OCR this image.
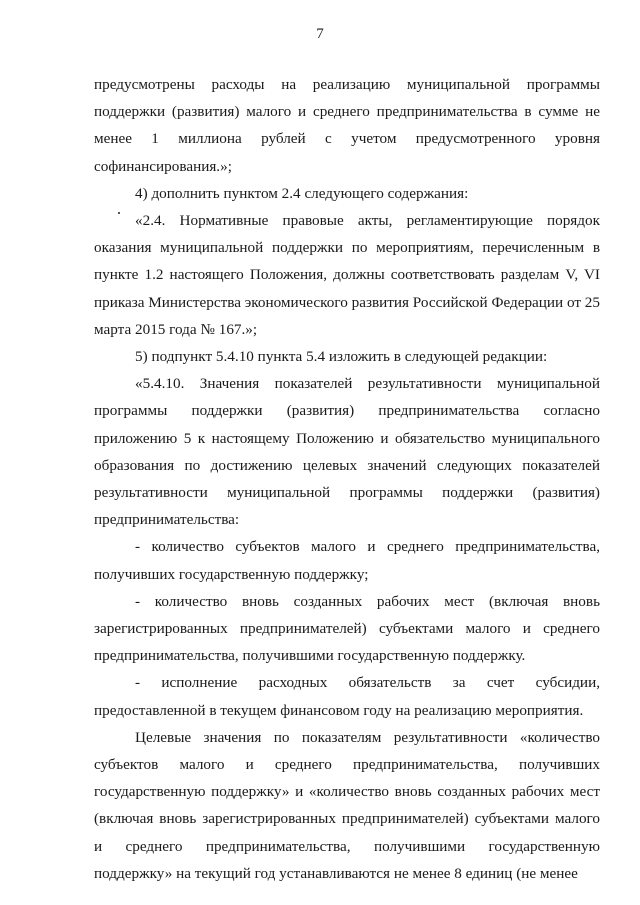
7

предусмотрены расходы на реализацию муниципальной программы поддержки (развития) малого и среднего предпринимательства в сумме не менее 1 миллиона рублей с учетом предусмотренного уровня софинансирования.»;

4) дополнить пунктом 2.4 следующего содержания:

«2.4. Нормативные правовые акты, регламентирующие порядок оказания муниципальной поддержки по мероприятиям, перечисленным в пункте 1.2 настоящего Положения, должны соответствовать разделам V, VI приказа Министерства экономического развития Российской Федерации от 25 марта 2015 года № 167.»;

5) подпункт 5.4.10 пункта 5.4 изложить в следующей редакции:

«5.4.10. Значения показателей результативности муниципальной программы поддержки (развития) предпринимательства согласно приложению 5 к настоящему Положению и обязательство муниципального образования по достижению целевых значений следующих показателей результативности муниципальной программы поддержки (развития) предпринимательства:

- количество субъектов малого и среднего предпринимательства, получивших государственную поддержку;

- количество вновь созданных рабочих мест (включая вновь зарегистрированных предпринимателей) субъектами малого и среднего предпринимательства, получившими государственную поддержку.

- исполнение расходных обязательств за счет субсидии, предоставленной в текущем финансовом году на реализацию мероприятия.

Целевые значения по показателям результативности «количество субъектов малого и среднего предпринимательства, получивших государственную поддержку» и «количество вновь созданных рабочих мест (включая вновь зарегистрированных предпринимателей) субъектами малого и среднего предпринимательства, получившими государственную поддержку» на текущий год устанавливаются не менее 8 единиц (не менее
